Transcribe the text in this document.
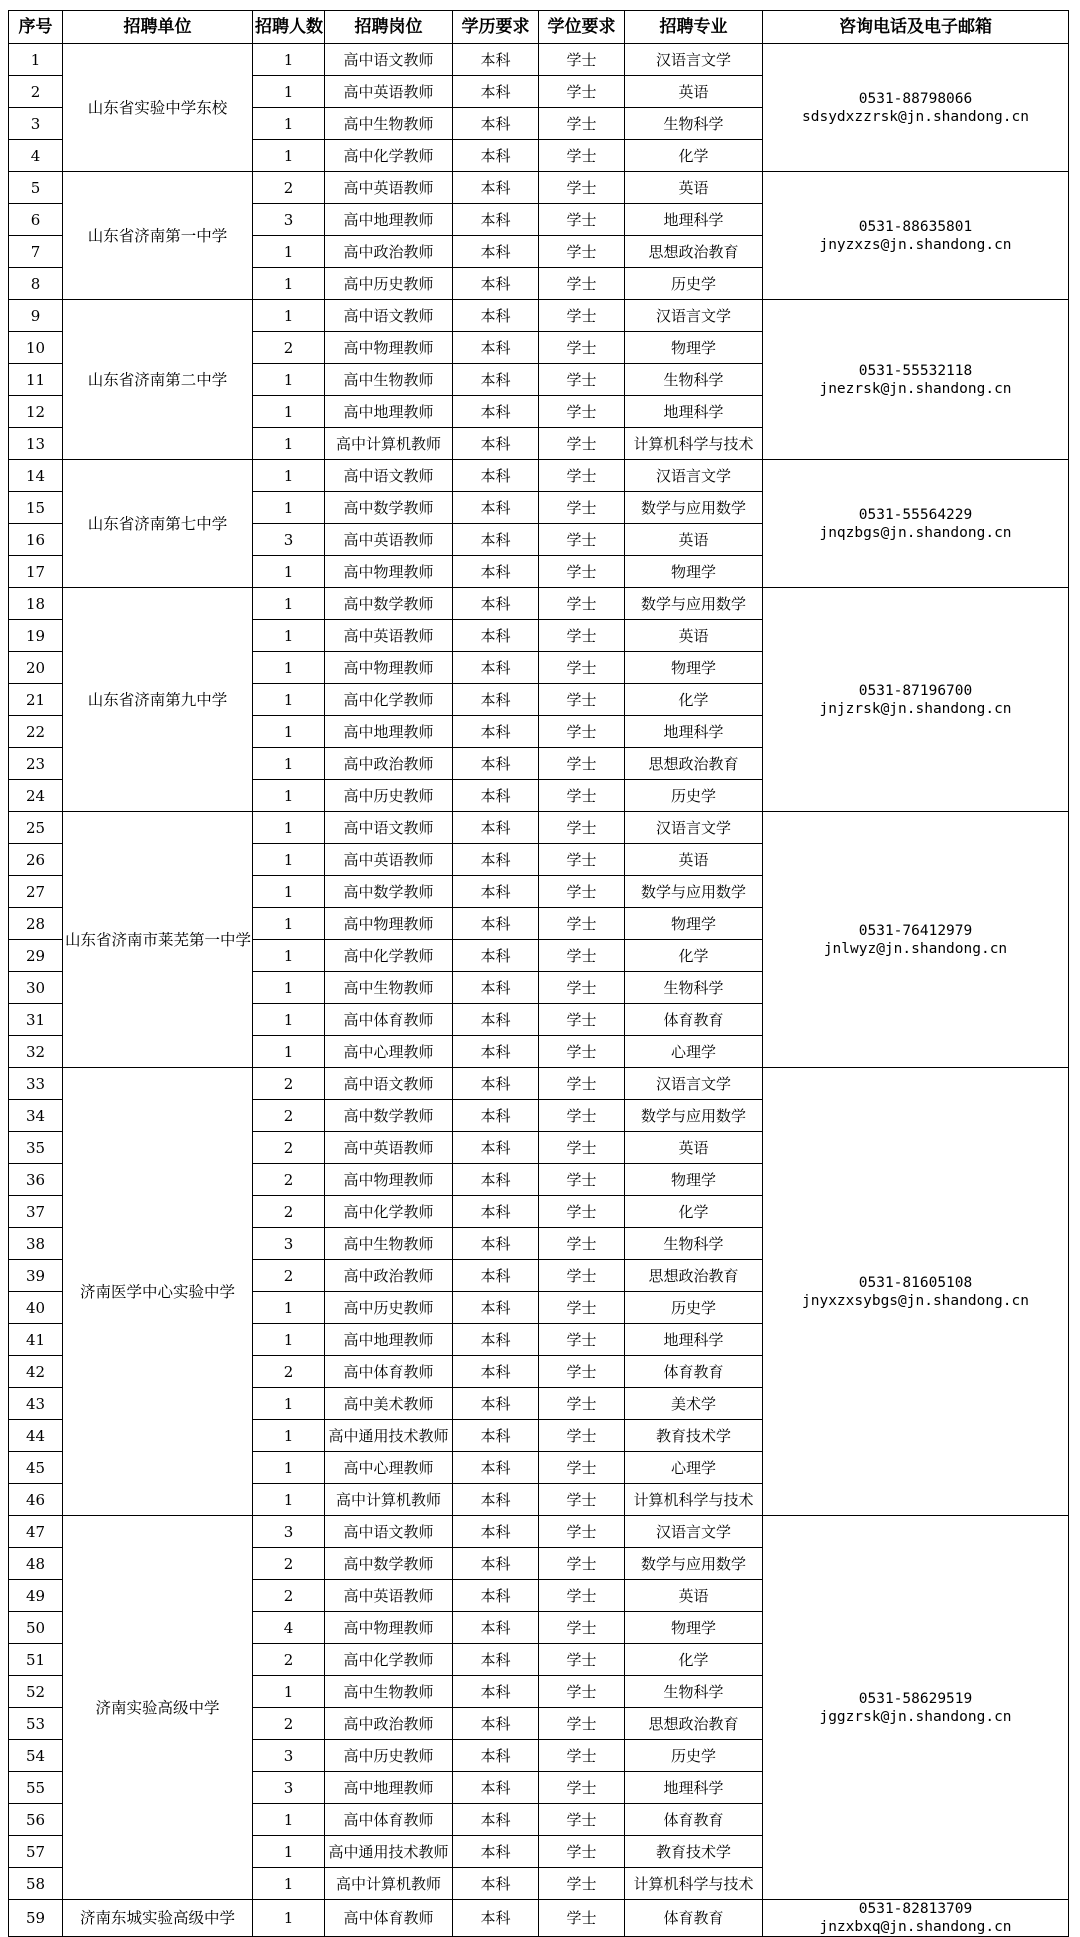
序号	招聘单位	招聘人数	招聘岗位	学历要求	学位要求	招聘专业	咨询电话及电子邮箱
1	山东省实验中学东校	1	高中语文教师	本科	学士	汉语言文学	0531-88798066
sdsydxzzrsk@jn.shandong.cn

2		1	高中英语教师	本科	学士	英语	
3		1	高中生物教师	本科	学士	生物科学	
4		1	高中化学教师	本科	学士	化学	
5	山东省济南第一中学	2	高中英语教师	本科	学士	英语	0531-88635801
jnyzxzs@jn.shandong.cn

6		3	高中地理教师	本科	学士	地理科学	
7		1	高中政治教师	本科	学士	思想政治教育	
8		1	高中历史教师	本科	学士	历史学	
9	山东省济南第二中学	1	高中语文教师	本科	学士	汉语言文学	0531-55532118
jnezrsk@jn.shandong.cn

10		2	高中物理教师	本科	学士	物理学	
11		1	高中生物教师	本科	学士	生物科学	
12		1	高中地理教师	本科	学士	地理科学	
13		1	高中计算机教师	本科	学士	计算机科学与技术	
14	山东省济南第七中学	1	高中语文教师	本科	学士	汉语言文学	0531-55564229
jnqzbgs@jn.shandong.cn

15		1	高中数学教师	本科	学士	数学与应用数学	
16		3	高中英语教师	本科	学士	英语	
17		1	高中物理教师	本科	学士	物理学	
18	山东省济南第九中学	1	高中数学教师	本科	学士	数学与应用数学	0531-87196700
jnjzrsk@jn.shandong.cn

19		1	高中英语教师	本科	学士	英语	
20		1	高中物理教师	本科	学士	物理学	
21		1	高中化学教师	本科	学士	化学	
22		1	高中地理教师	本科	学士	地理科学	
23		1	高中政治教师	本科	学士	思想政治教育	
24		1	高中历史教师	本科	学士	历史学	
25	山东省济南市莱芜第一中学	1	高中语文教师	本科	学士	汉语言文学	0531-76412979
jnlwyz@jn.shandong.cn

26		1	高中英语教师	本科	学士	英语	
27		1	高中数学教师	本科	学士	数学与应用数学	
28		1	高中物理教师	本科	学士	物理学	
29		1	高中化学教师	本科	学士	化学	
30		1	高中生物教师	本科	学士	生物科学	
31		1	高中体育教师	本科	学士	体育教育	
32		1	高中心理教师	本科	学士	心理学	
33	济南医学中心实验中学	2	高中语文教师	本科	学士	汉语言文学	0531-81605108
jnyxzxsybgs@jn.shandong.cn

34		2	高中数学教师	本科	学士	数学与应用数学	
35		2	高中英语教师	本科	学士	英语	
36		2	高中物理教师	本科	学士	物理学	
37		2	高中化学教师	本科	学士	化学	
38		3	高中生物教师	本科	学士	生物科学	
39		2	高中政治教师	本科	学士	思想政治教育	
40		1	高中历史教师	本科	学士	历史学	
41		1	高中地理教师	本科	学士	地理科学	
42		2	高中体育教师	本科	学士	体育教育	
43		1	高中美术教师	本科	学士	美术学	
44		1	高中通用技术教师	本科	学士	教育技术学	
45		1	高中心理教师	本科	学士	心理学	
46		1	高中计算机教师	本科	学士	计算机科学与技术	
47	济南实验高级中学	3	高中语文教师	本科	学士	汉语言文学	0531-58629519
jggzrsk@jn.shandong.cn

48		2	高中数学教师	本科	学士	数学与应用数学	
49		2	高中英语教师	本科	学士	英语	
50		4	高中物理教师	本科	学士	物理学	
51		2	高中化学教师	本科	学士	化学	
52		1	高中生物教师	本科	学士	生物科学	
53		2	高中政治教师	本科	学士	思想政治教育	
54		3	高中历史教师	本科	学士	历史学	
55		3	高中地理教师	本科	学士	地理科学	
56		1	高中体育教师	本科	学士	体育教育	
57		1	高中通用技术教师	本科	学士	教育技术学	
58		1	高中计算机教师	本科	学士	计算机科学与技术	
59	济南东城实验高级中学	1	高中体育教师	本科	学士	体育教育	0531-82813709
jnzxbxq@jn.shandong.cn
